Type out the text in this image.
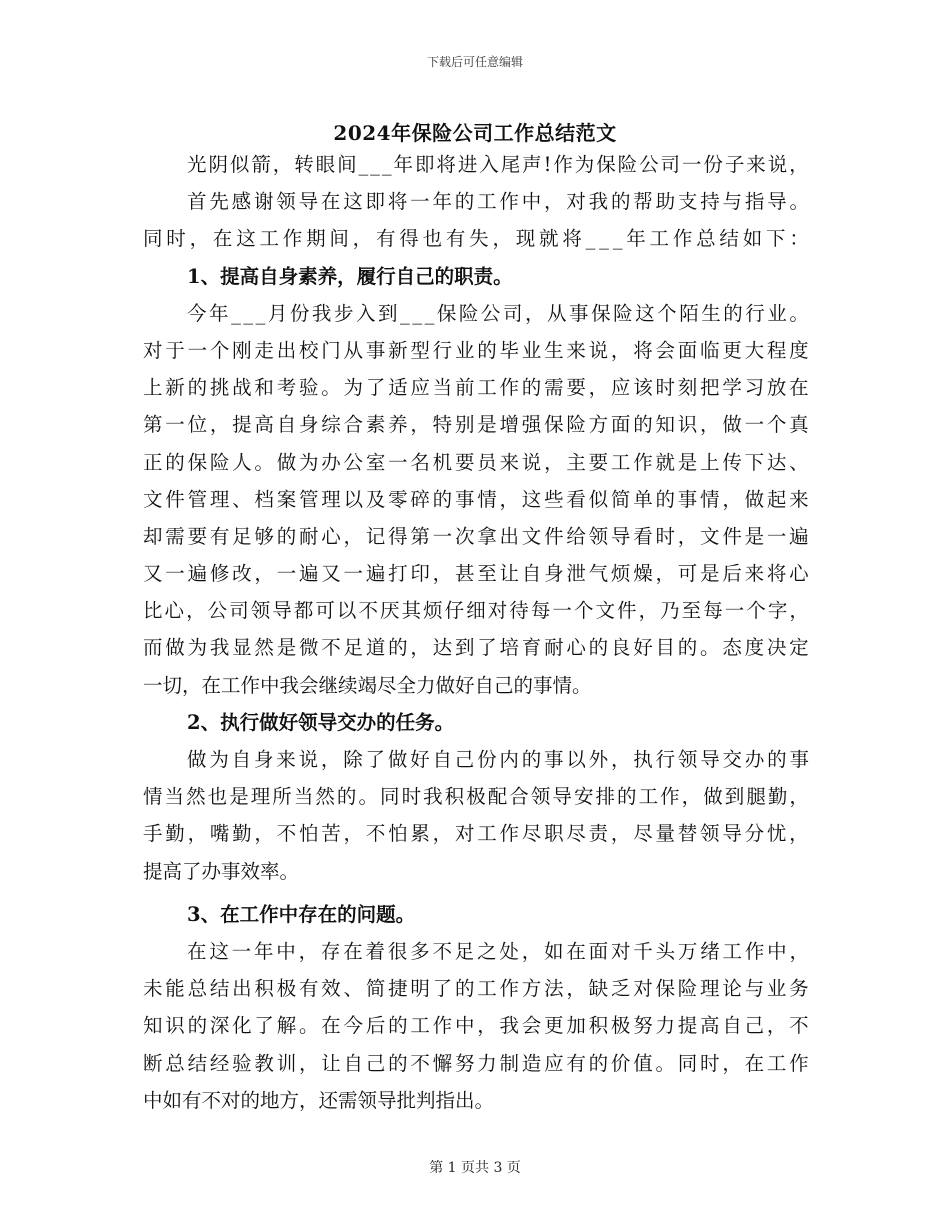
下载后可任意编辑
2024年保险公司工作总结范文
光 阴 似 箭 ， 转 眼 间 _ _ _ 年 即 将 进 入 尾 声 ! 作 为 保 险 公 司 一 份 子 来 说 ，
首 先 感 谢 领 导 在 这 即 将 一 年 的 工 作 中 ， 对 我 的 帮 助 支 持 与 指 导 。
同 时 ， 在 这 工 作 期 间 ， 有 得 也 有 失 ， 现 就 将 _ _ _ 年 工 作 总 结 如 下 ：
1、提高自身素养，履行自己的职责。
今 年 _ _ _ 月 份 我 步 入 到 _ _ _ 保 险 公 司 ， 从 事 保 险 这 个 陌 生 的 行 业 。
对 于 一 个 刚 走 出 校 门 从 事 新 型 行 业 的 毕 业 生 来 说 ， 将 会 面 临 更 大 程 度
上 新 的 挑 战 和 考 验 。 为 了 适 应 当 前 工 作 的 需 要 ， 应 该 时 刻 把 学 习 放 在
第 一 位 ， 提 高 自 身 综 合 素 养 ， 特 别 是 增 强 保 险 方 面 的 知 识 ， 做 一 个 真
正 的 保 险 人 。 做 为 办 公 室 一 名 机 要 员 来 说 ， 主 要 工 作 就 是 上 传 下 达 、
文 件 管 理 、 档 案 管 理 以 及 零 碎 的 事 情 ， 这 些 看 似 简 单 的 事 情 ， 做 起 来
却 需 要 有 足 够 的 耐 心 ， 记 得 第 一 次 拿 出 文 件 给 领 导 看 时 ， 文 件 是 一 遍
又 一 遍 修 改 ， 一 遍 又 一 遍 打 印 ， 甚 至 让 自 身 泄 气 烦 燥 ， 可 是 后 来 将 心
比 心 ， 公 司 领 导 都 可 以 不 厌 其 烦 仔 细 对 待 每 一 个 文 件 ， 乃 至 每 一 个 字 ，
而 做 为 我 显 然 是 微 不 足 道 的 ， 达 到 了 培 育 耐 心 的 良 好 目 的 。 态 度 决 定
一切，在工作中我会继续竭尽全力做好自己的事情。
2、执行做好领导交办的任务。
做 为 自 身 来 说 ， 除 了 做 好 自 己 份 内 的 事 以 外 ， 执 行 领 导 交 办 的 事
情 当 然 也 是 理 所 当 然 的 。 同 时 我 积 极 配 合 领 导 安 排 的 工 作 ， 做 到 腿 勤 ，
手 勤 ， 嘴 勤 ， 不 怕 苦 ， 不 怕 累 ， 对 工 作 尽 职 尽 责 ， 尽 量 替 领 导 分 忧 ，
提高了办事效率。
3、在工作中存在的问题。
在 这 一 年 中 ， 存 在 着 很 多 不 足 之 处 ， 如 在 面 对 千 头 万 绪 工 作 中 ，
未 能 总 结 出 积 极 有 效 、 简 捷 明 了 的 工 作 方 法 ， 缺 乏 对 保 险 理 论 与 业 务
知 识 的 深 化 了 解 。 在 今 后 的 工 作 中 ， 我 会 更 加 积 极 努 力 提 高 自 己 ， 不
断 总 结 经 验 教 训 ， 让 自 己 的 不 懈 努 力 制 造 应 有 的 价 值 。 同 时 ， 在 工 作
中如有不对的地方，还需领导批判指出。
第 1 页共 3 页
